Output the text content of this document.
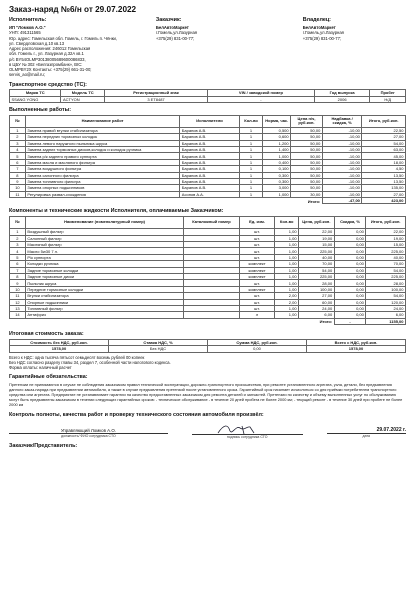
Заказ-наряд №6/н от 29.07.2022
Исполнитель:
ИП "Ломков А.О."
УНП: 491311565
Юр. адрес: Гомельская обл. Гомель, г. Гомель п. Чёнки,
ул. Свердловская д.10 кв.13
Адрес расположения: 246012 Гомельская
обл. Гомель г., ул. Лазурная д.32А кв.1
р/с BY54OLMP30138005689600086833,
в ЦБУ № 302 «Белгазпромбанк», ВІС:
OLMPBY2X Контакты: +375(29) 661-31-00;
servis_ao@mail.ru;
Заказчик:
БелАвтоМаркет
г.Гомель,ул.Лазурная
+375(29) 831-00-77;
Владелец:
БелАвтоМаркет
г.Гомель,ул.Лазурная
+375(29) 831-00-77;
Транспортное средство (ТС):
Марка ТС	Модель ТС	Регистрационный знак	VIN / заводской номер	Год выпуска	Пробег
SSANG YONG	ACTYON	3 ЕТ8487	-	2006	Н/Д
Выполненные работы:
№	Наименование работ	Исполнители	Кол-во	Норма, час.	Цена н/ч, руб.коп.	Надбавка /скидка, %	Итого, руб.коп.
1	Замена правой втулки стабилизатора	Баранов А.В.	1	0,500	50,00	-10,00	22,50
2	Замена передних тормозных колодок	Баранов А.В.	1	0,600	50,00	-10,00	27,00
3	Замена левого наружного пыльника шруса	Баранов А.В.	1	1,200	50,00	-10,00	54,00
4	Замена задних тормозных дисков,колодок и колодок ручника	Баранов А.В.	1	1,400	50,00	-10,00	63,00
5	Замена р/к заднего правого суппорта	Баранов А.В.	1	1,000	50,00	-10,00	45,00
6	Замена масла и масляного фильтра	Баранов А.В.	1	0,400	50,00	-10,00	18,00
7	Замена воздушного фильтра	Баранов А.В.	1	0,100	50,00	-10,00	4,50
8	Замена салонного фильтра	Баранов А.В.	1	0,300	50,00	-10,00	13,50
9	Замена топливного фильтра	Баранов А.В.	1	0,300	50,00	-10,00	13,50
10	Замена опорных подшипников	Баранов А.В.	1	3,000	50,00	-10,00	135,00
11	Регулировка развал-схождения	Асонов А.А.	1	1,000	30,00	-10,00	27,00
					Итого:	-47,00	423,00
Компоненты и технические жидкости Исполнителя, оплачиваемые Заказчиком:
№	Наименование (номенклатурный номер)	Каталожный номер	Ед. изм.	Кол-во	Цена, руб.коп.	Скидка, %	Итого, руб.коп.
1	Воздушный фильтр		шт.	1,00	22,00	0,00	22,00
2	Салонный фильтр		шт.	1,00	19,00	0,00	19,00
3	Масляный фильтр		шт.	1,00	15,00	0,00	15,00
4	Масло 5w30 7 л.		шт.	1,00	225,00	0,00	225,00
5	Р/к суппорта		шт.	1,00	40,00	0,00	40,00
6	Колодки ручника		комплект	1,00	70,00	0,00	70,00
7	Задние тормозные колодки		комплект	1,00	54,00	0,00	54,00
8	Задние тормозные диски		комплект	1,00	225,00	0,00	225,00
9	Пыльник шруса		шт.	1,00	28,00	0,00	28,00
10	Передние тормозные колодки		комплект	1,00	100,00	0,00	100,00
11	Втулки стабилизатора		шт.	2,00	27,00	0,00	54,00
12	Опорные подшипники		шт.	2,00	60,00	0,00	120,00
13	Топливный фильтр		шт.	1,00	24,00	0,00	24,00
14	Антифриз		л	1,00	6,00	0,00	6,00
					Итого:	-	1155,00
Итоговая стоимость заказа:
Стоимость без НДС, руб.коп.	Ставка НДС, %	Сумма НДС, руб.коп.	Всего с НДС, руб.коп.
1578,00	Без НДС	0,00	1578,00
Всего к НДС: одна тысяча пятьсот семьдесят восемь рублей 00 копеек
Без НДС согласно разделу главы 34, раздел 7, особенной части налогового кодекса.
Форма оплаты: наличный расчет
Гарантийные обязательства:
Претензии не принимаются в случае не соблюдения заказчиком правил технической эксплуатации, дорожно-транспортного происшествия, при ремонте установленного агрегата, узла, детали, без предъявления данного заказ-наряда при предъявлении автомобиля, а также в случае предъявления претензий после установленного срока. Гарантийный срок начинает исчисляться со дня приёмки потребителем транспортного средства или агрегата. Предприятие не устанавливает гарантии на качество предоставленных заказчиком для ремонта деталей и запчастей. Претензии по качеству и объему выполненных услуг по обслуживанию могут быть предъявлены заказчиком в течении следующих гарантийных сроков: - техническое обслуживание - в течение 20 дней пробега не более 2000 км; - текущий ремонт - в течение 30 дней при пробеге не более 2000 км
Контроль полноты, качества работ и проверку технического состояния автомобиля произвёл:
Управляющий Ломков А.О.
должность/ ФИО сотрудника СТО	подпись сотрудника СТО
29.07.2022 г.
дата
Заказчик/Представитель:
